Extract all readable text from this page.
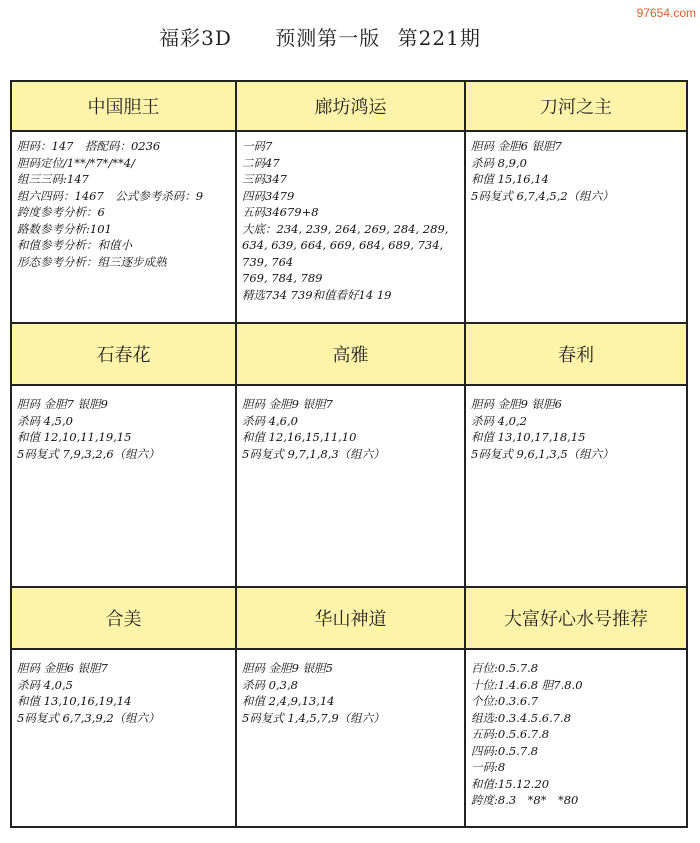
97654.com
福彩3D 预测第一版 第221期
中国胆王
胆码：147　搭配码：0236
胆码定位/1**/*7*/**4/
组三三码:147
组六四码：1467　公式参考杀码：9
跨度参考分析：6
路数参考分析:101
和值参考分析：和值小
形态参考分析：组三逐步成熟
廊坊鸿运
一码7
二码47
三码347
四码3479
五码34679+8
大底：234, 239, 264, 269, 284, 289, 634, 639, 664, 669, 684, 689, 734, 739, 764
769, 784, 789
精选734 739和值看好14 19
刀河之主
胆码 金胆6 银胆7
杀码 8,9,0
和值 15,16,14
5码复式 6,7,4,5,2（组六）
石春花
胆码 金胆7 银胆9
杀码 4,5,0
和值 12,10,11,19,15
5码复式 7,9,3,2,6（组六）
高雅
胆码 金胆9 银胆7
杀码 4,6,0
和值 12,16,15,11,10
5码复式 9,7,1,8,3（组六）
春利
胆码 金胆9 银胆6
杀码 4,0,2
和值 13,10,17,18,15
5码复式 9,6,1,3,5（组六）
合美
胆码 金胆6 银胆7
杀码 4,0,5
和值 13,10,16,19,14
5码复式 6,7,3,9,2（组六）
华山神道
胆码 金胆9 银胆5
杀码 0,3,8
和值 2,4,9,13,14
5码复式 1,4,5,7,9（组六）
大富好心水号推荐
百位:0.5.7.8
十位:1.4.6.8 胆7.8.0
个位:0.3.6.7
组选:0.3.4.5.6.7.8
五码:0.5.6.7.8
四码:0.5.7.8
一码:8
和值:15.12.20
跨度:8.3　*8*　*80
